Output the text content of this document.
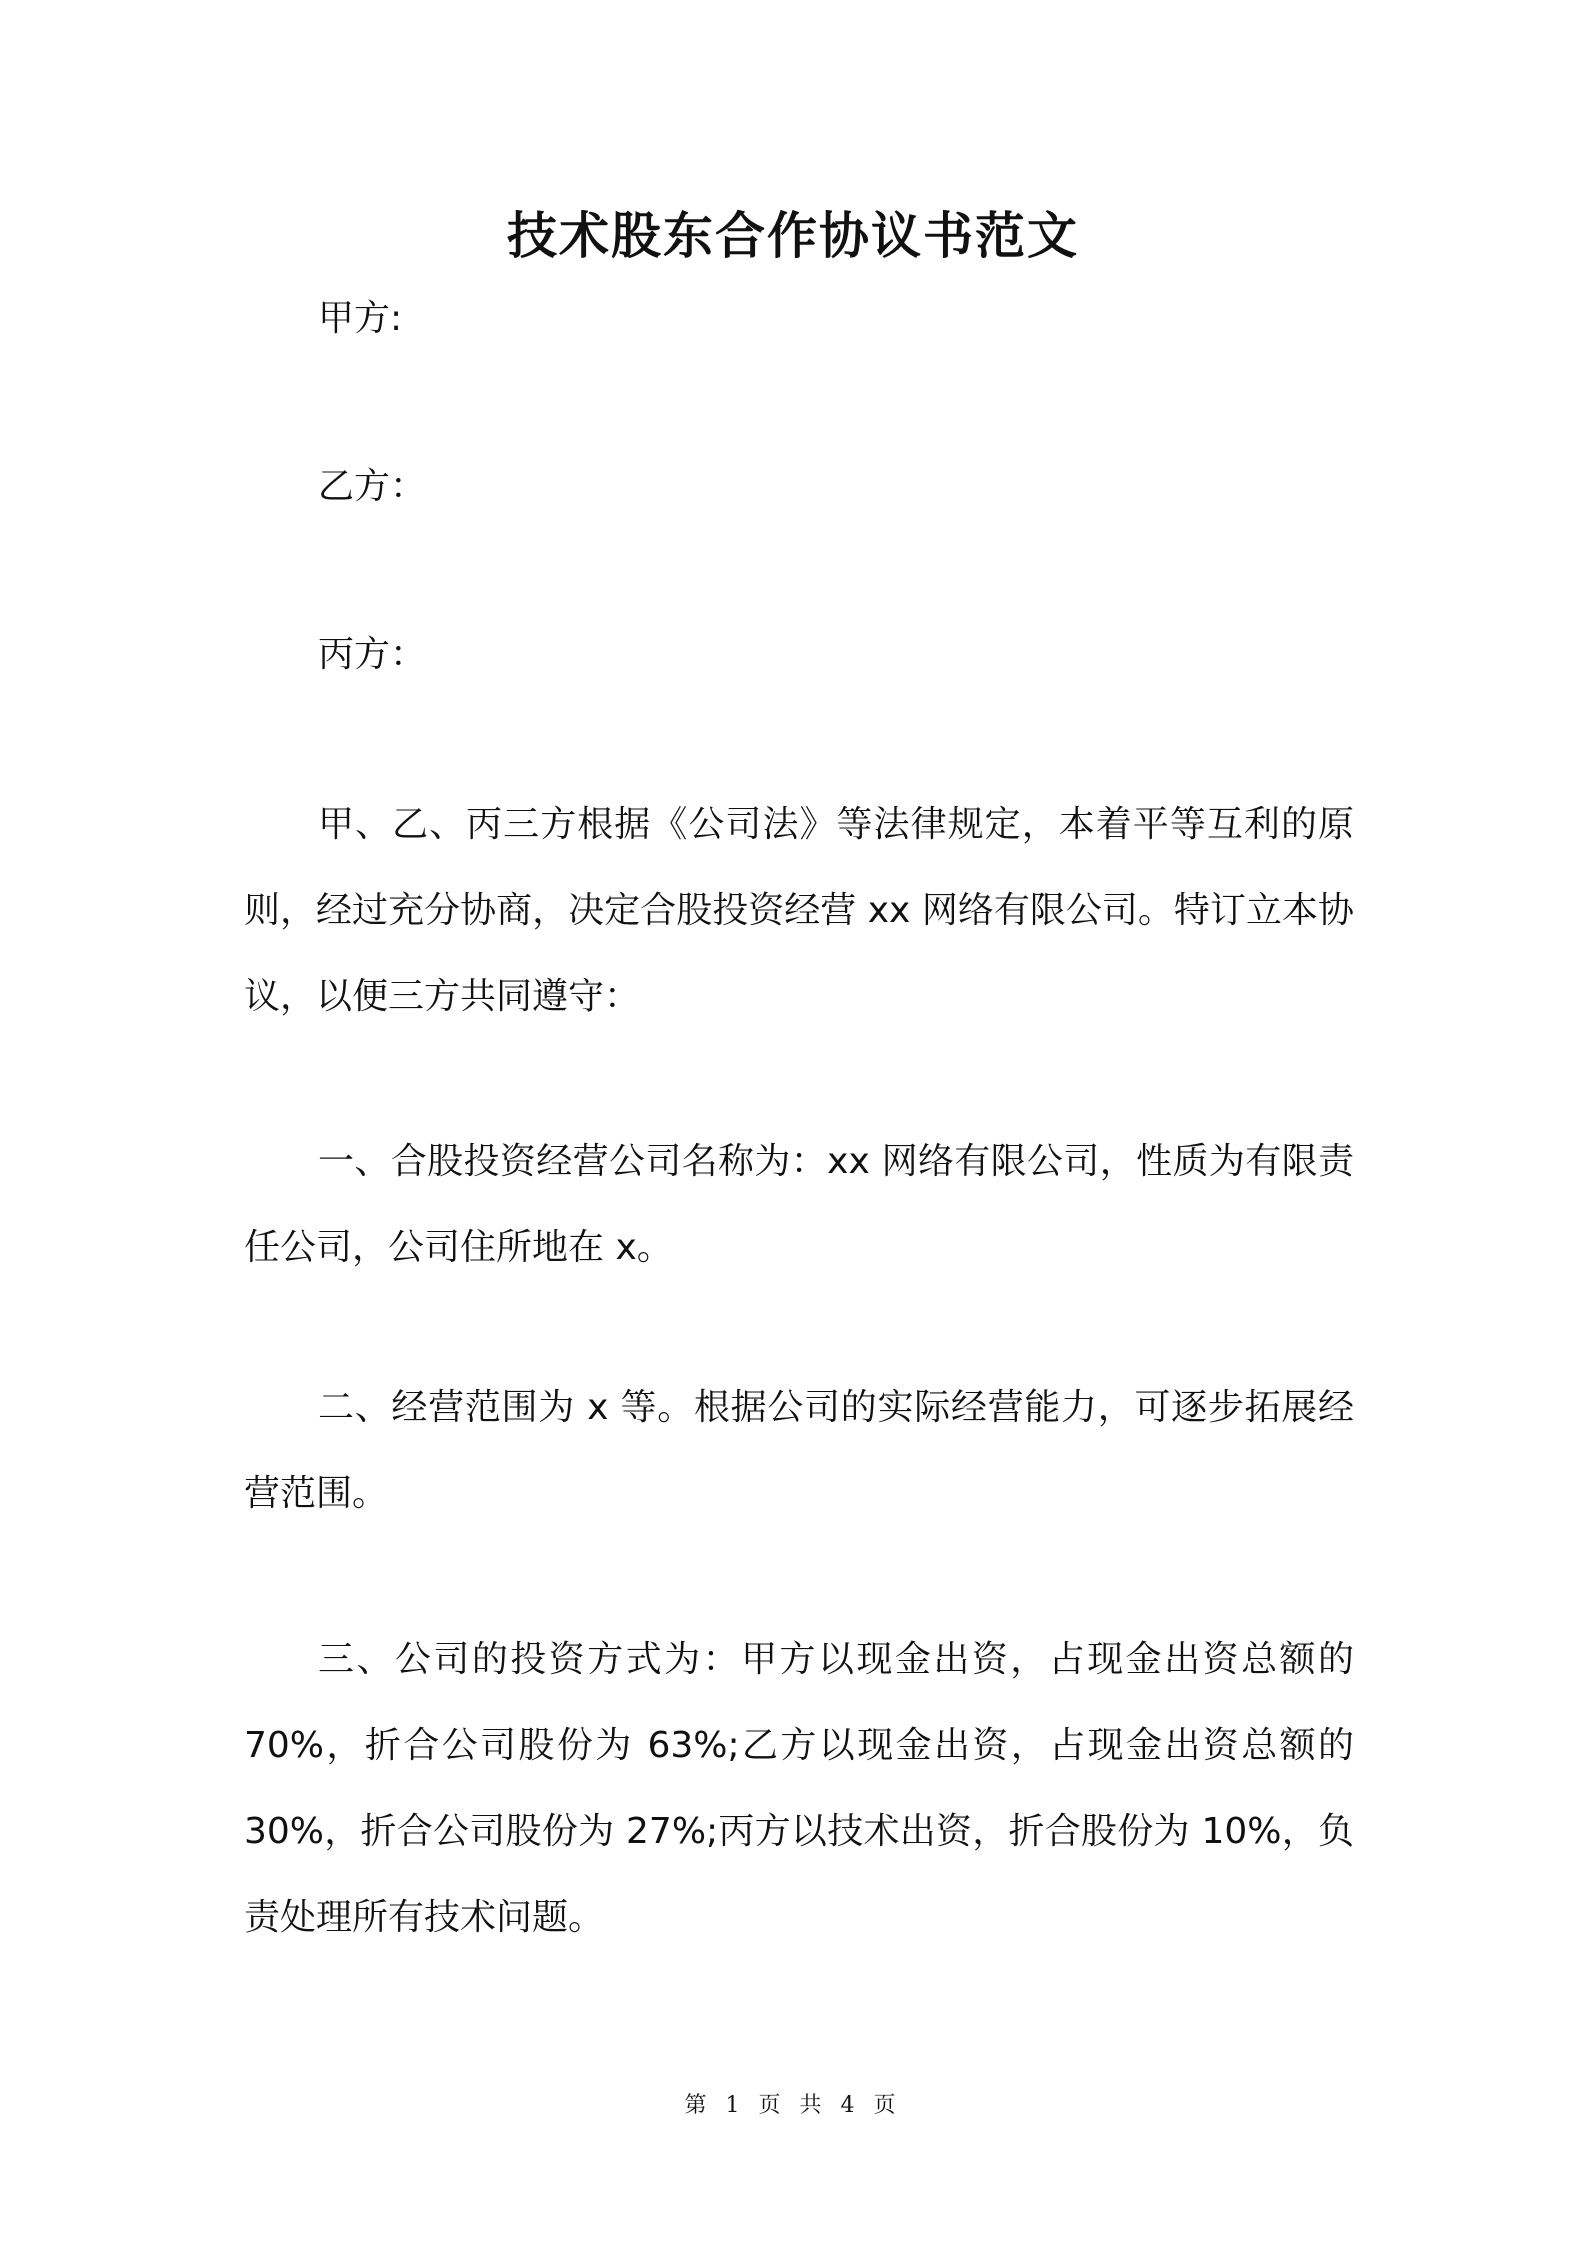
技术股东合作协议书范文
甲方:
乙方：
丙方：
甲、乙、丙三方根据《公司法》等法律规定，本着平等互利的原则，经过充分协商，决定合股投资经营 xx 网络有限公司。特订立本协议，以便三方共同遵守：
一、合股投资经营公司名称为：xx 网络有限公司，性质为有限责任公司，公司住所地在 x。
二、经营范围为 x 等。根据公司的实际经营能力，可逐步拓展经营范围。
三、公司的投资方式为：甲方以现金出资，占现金出资总额的 70%，折合公司股份为 63%;乙方以现金出资，占现金出资总额的 30%，折合公司股份为 27%;丙方以技术出资，折合股份为 10%，负责处理所有技术问题。
第 1 页 共 4 页
